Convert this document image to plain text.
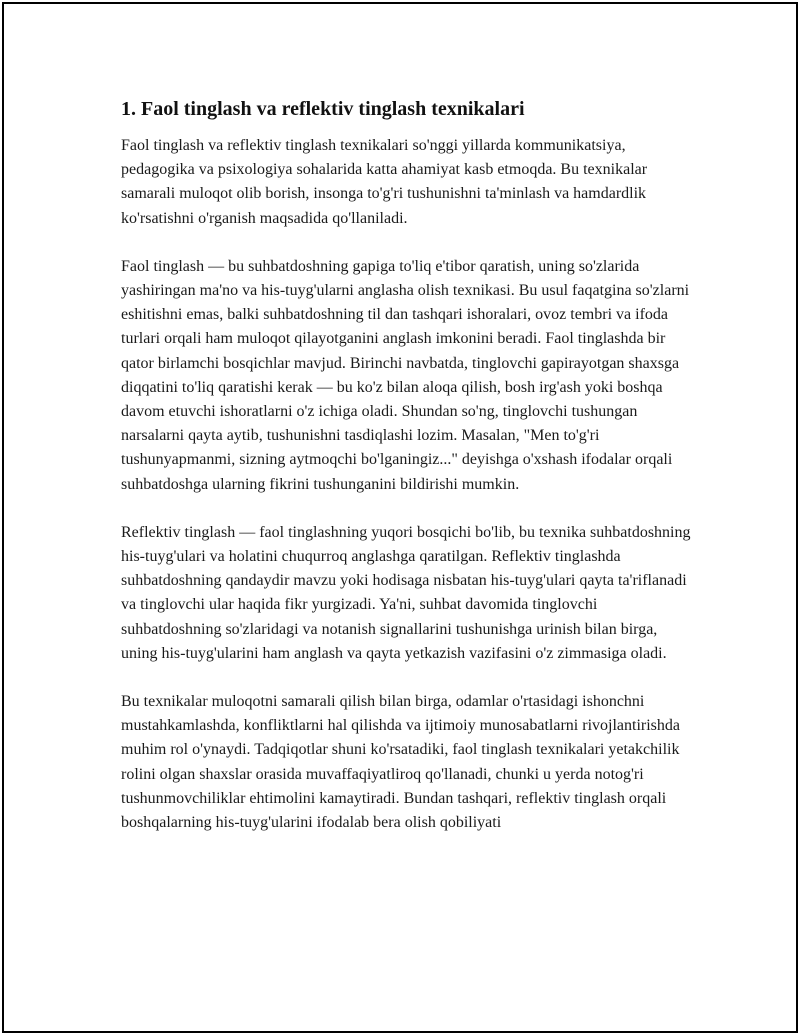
1. Faol tinglash va reflektiv tinglash texnikalari

Faol tinglash va reflektiv tinglash texnikalari so'nggi yillarda kommunikatsiya, pedagogika va psixologiya sohalarida katta ahamiyat kasb etmoqda. Bu texnikalar samarali muloqot olib borish, insonga to'g'ri tushunishni ta'minlash va hamdardlik ko'rsatishni o'rganish maqsadida qo'llaniladi.

Faol tinglash — bu suhbatdoshning gapiga to'liq e'tibor qaratish, uning so'zlarida yashiringan ma'no va his-tuyg'ularni anglasha olish texnikasi. Bu usul faqatgina so'zlarni eshitishni emas, balki suhbatdoshning til dan tashqari ishoralari, ovoz tembri va ifoda turlari orqali ham muloqot qilayotganini anglash imkonini beradi. Faol tinglashda bir qator birlamchi bosqichlar mavjud. Birinchi navbatda, tinglovchi gapirayotgan shaxsga diqqatini to'liq qaratishi kerak — bu ko'z bilan aloqa qilish, bosh irg'ash yoki boshqa davom etuvchi ishoratlarni o'z ichiga oladi. Shundan so'ng, tinglovchi tushungan narsalarni qayta aytib, tushunishni tasdiqlashi lozim. Masalan, "Men to'g'ri tushunyapmanmi, sizning aytmoqchi bo'lganingiz..." deyishga o'xshash ifodalar orqali suhbatdoshga ularning fikrini tushunganini bildirishi mumkin.

Reflektiv tinglash — faol tinglashning yuqori bosqichi bo'lib, bu texnika suhbatdoshning his-tuyg'ulari va holatini chuqurroq anglashga qaratilgan. Reflektiv tinglashda suhbatdoshning qandaydir mavzu yoki hodisaga nisbatan his-tuyg'ulari qayta ta'riflanadi va tinglovchi ular haqida fikr yurgizadi. Ya'ni, suhbat davomida tinglovchi suhbatdoshning so'zlaridagi va notanish signallarini tushunishga urinish bilan birga, uning his-tuyg'ularini ham anglash va qayta yetkazish vazifasini o'z zimmasiga oladi.

Bu texnikalar muloqotni samarali qilish bilan birga, odamlar o'rtasidagi ishonchni mustahkamlashda, konfliktlarni hal qilishda va ijtimoiy munosabatlarni rivojlantirishda muhim rol o'ynaydi. Tadqiqotlar shuni ko'rsatadiki, faol tinglash texnikalari yetakchilik rolini olgan shaxslar orasida muvaffaqiyatliroq qo'llanadi, chunki u yerda notog'ri tushunmovchiliklar ehtimolini kamaytiradi. Bundan tashqari, reflektiv tinglash orqali boshqalarning his-tuyg'ularini ifodalab bera olish qobiliyati
